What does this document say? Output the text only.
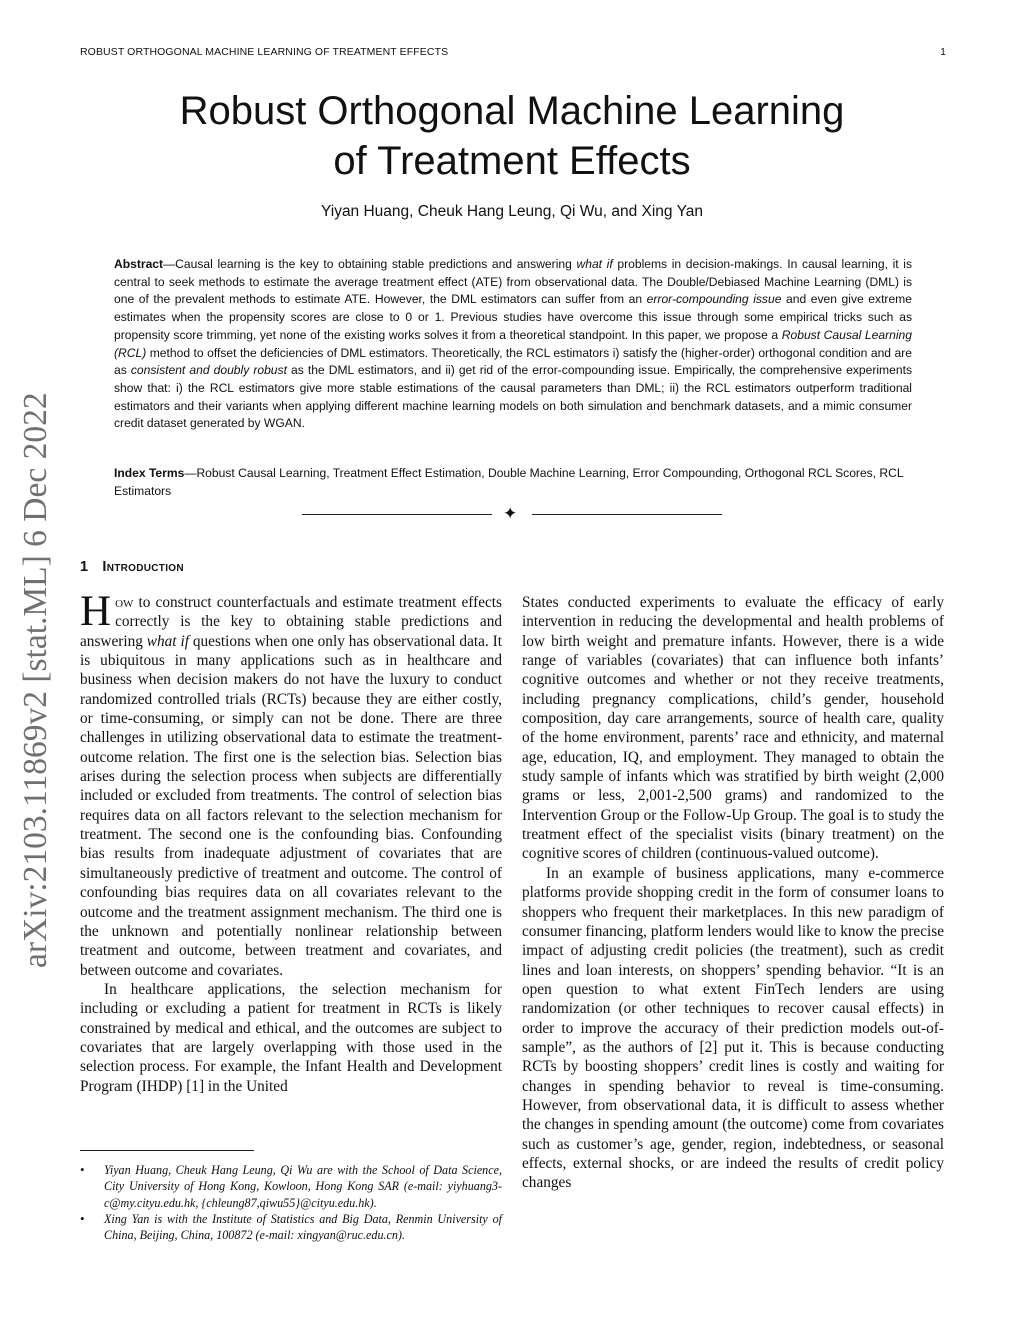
ROBUST ORTHOGONAL MACHINE LEARNING OF TREATMENT EFFECTS	1
arXiv:2103.11869v2 [stat.ML] 6 Dec 2022
Robust Orthogonal Machine Learning
of Treatment Effects
Yiyan Huang, Cheuk Hang Leung, Qi Wu, and Xing Yan

Abstract—Causal learning is the key to obtaining stable predictions and answering what if problems in decision-makings. In causal learning, it is central to seek methods to estimate the average treatment effect (ATE) from observational data. The Double/Debiased Machine Learning (DML) is one of the prevalent methods to estimate ATE. However, the DML estimators can suffer from an error-compounding issue and even give extreme estimates when the propensity scores are close to 0 or 1. Previous studies have overcome this issue through some empirical tricks such as propensity score trimming, yet none of the existing works solves it from a theoretical standpoint. In this paper, we propose a Robust Causal Learning (RCL) method to offset the deficiencies of DML estimators. Theoretically, the RCL estimators i) satisfy the (higher-order) orthogonal condition and are as consistent and doubly robust as the DML estimators, and ii) get rid of the error-compounding issue. Empirically, the comprehensive experiments show that: i) the RCL estimators give more stable estimations of the causal parameters than DML; ii) the RCL estimators outperform traditional estimators and their variants when applying different machine learning models on both simulation and benchmark datasets, and a mimic consumer credit dataset generated by WGAN.

Index Terms—Robust Causal Learning, Treatment Effect Estimation, Double Machine Learning, Error Compounding, Orthogonal RCL Scores, RCL Estimators

✦
1 Introduction

How to construct counterfactuals and estimate treatment effects correctly is the key to obtaining stable predictions and answering what if questions when one only has observational data. It is ubiquitous in many applications such as in healthcare and business when decision makers do not have the luxury to conduct randomized controlled trials (RCTs) because they are either costly, or time-consuming, or simply can not be done. There are three challenges in utilizing observational data to estimate the treatment-outcome relation. The first one is the selection bias. Selection bias arises during the selection process when subjects are differentially included or excluded from treatments. The control of selection bias requires data on all factors relevant to the selection mechanism for treatment. The second one is the confounding bias. Confounding bias results from inadequate adjustment of covariates that are simultaneously predictive of treatment and outcome. The control of confounding bias requires data on all covariates relevant to the outcome and the treatment assignment mechanism. The third one is the unknown and potentially nonlinear relationship between treatment and outcome, between treatment and covariates, and between outcome and covariates.

In healthcare applications, the selection mechanism for including or excluding a patient for treatment in RCTs is likely constrained by medical and ethical, and the outcomes are subject to covariates that are largely overlapping with those used in the selection process. For example, the Infant Health and Development Program (IHDP) [1] in the United

States conducted experiments to evaluate the efficacy of early intervention in reducing the developmental and health problems of low birth weight and premature infants. However, there is a wide range of variables (covariates) that can influence both infants’ cognitive outcomes and whether or not they receive treatments, including pregnancy complications, child’s gender, household composition, day care arrangements, source of health care, quality of the home environment, parents’ race and ethnicity, and maternal age, education, IQ, and employment. They managed to obtain the study sample of infants which was stratified by birth weight (2,000 grams or less, 2,001-2,500 grams) and randomized to the Intervention Group or the Follow-Up Group. The goal is to study the treatment effect of the specialist visits (binary treatment) on the cognitive scores of children (continuous-valued outcome).

In an example of business applications, many e-commerce platforms provide shopping credit in the form of consumer loans to shoppers who frequent their marketplaces. In this new paradigm of consumer financing, platform lenders would like to know the precise impact of adjusting credit policies (the treatment), such as credit lines and loan interests, on shoppers’ spending behavior. “It is an open question to what extent FinTech lenders are using randomization (or other techniques to recover causal effects) in order to improve the accuracy of their prediction models out-of-sample”, as the authors of [2] put it. This is because conducting RCTs by boosting shoppers’ credit lines is costly and waiting for changes in spending behavior to reveal is time-consuming. However, from observational data, it is difficult to assess whether the changes in spending amount (the outcome) come from covariates such as customer’s age, gender, region, indebtedness, or seasonal effects, external shocks, or are indeed the results of credit policy changes

• Yiyan Huang, Cheuk Hang Leung, Qi Wu are with the School of Data Science, City University of Hong Kong, Kowloon, Hong Kong SAR (e-mail: yiyhuang3-c@my.cityu.edu.hk, {chleung87,qiwu55}@cityu.edu.hk).
• Xing Yan is with the Institute of Statistics and Big Data, Renmin University of China, Beijing, China, 100872 (e-mail: xingyan@ruc.edu.cn).
